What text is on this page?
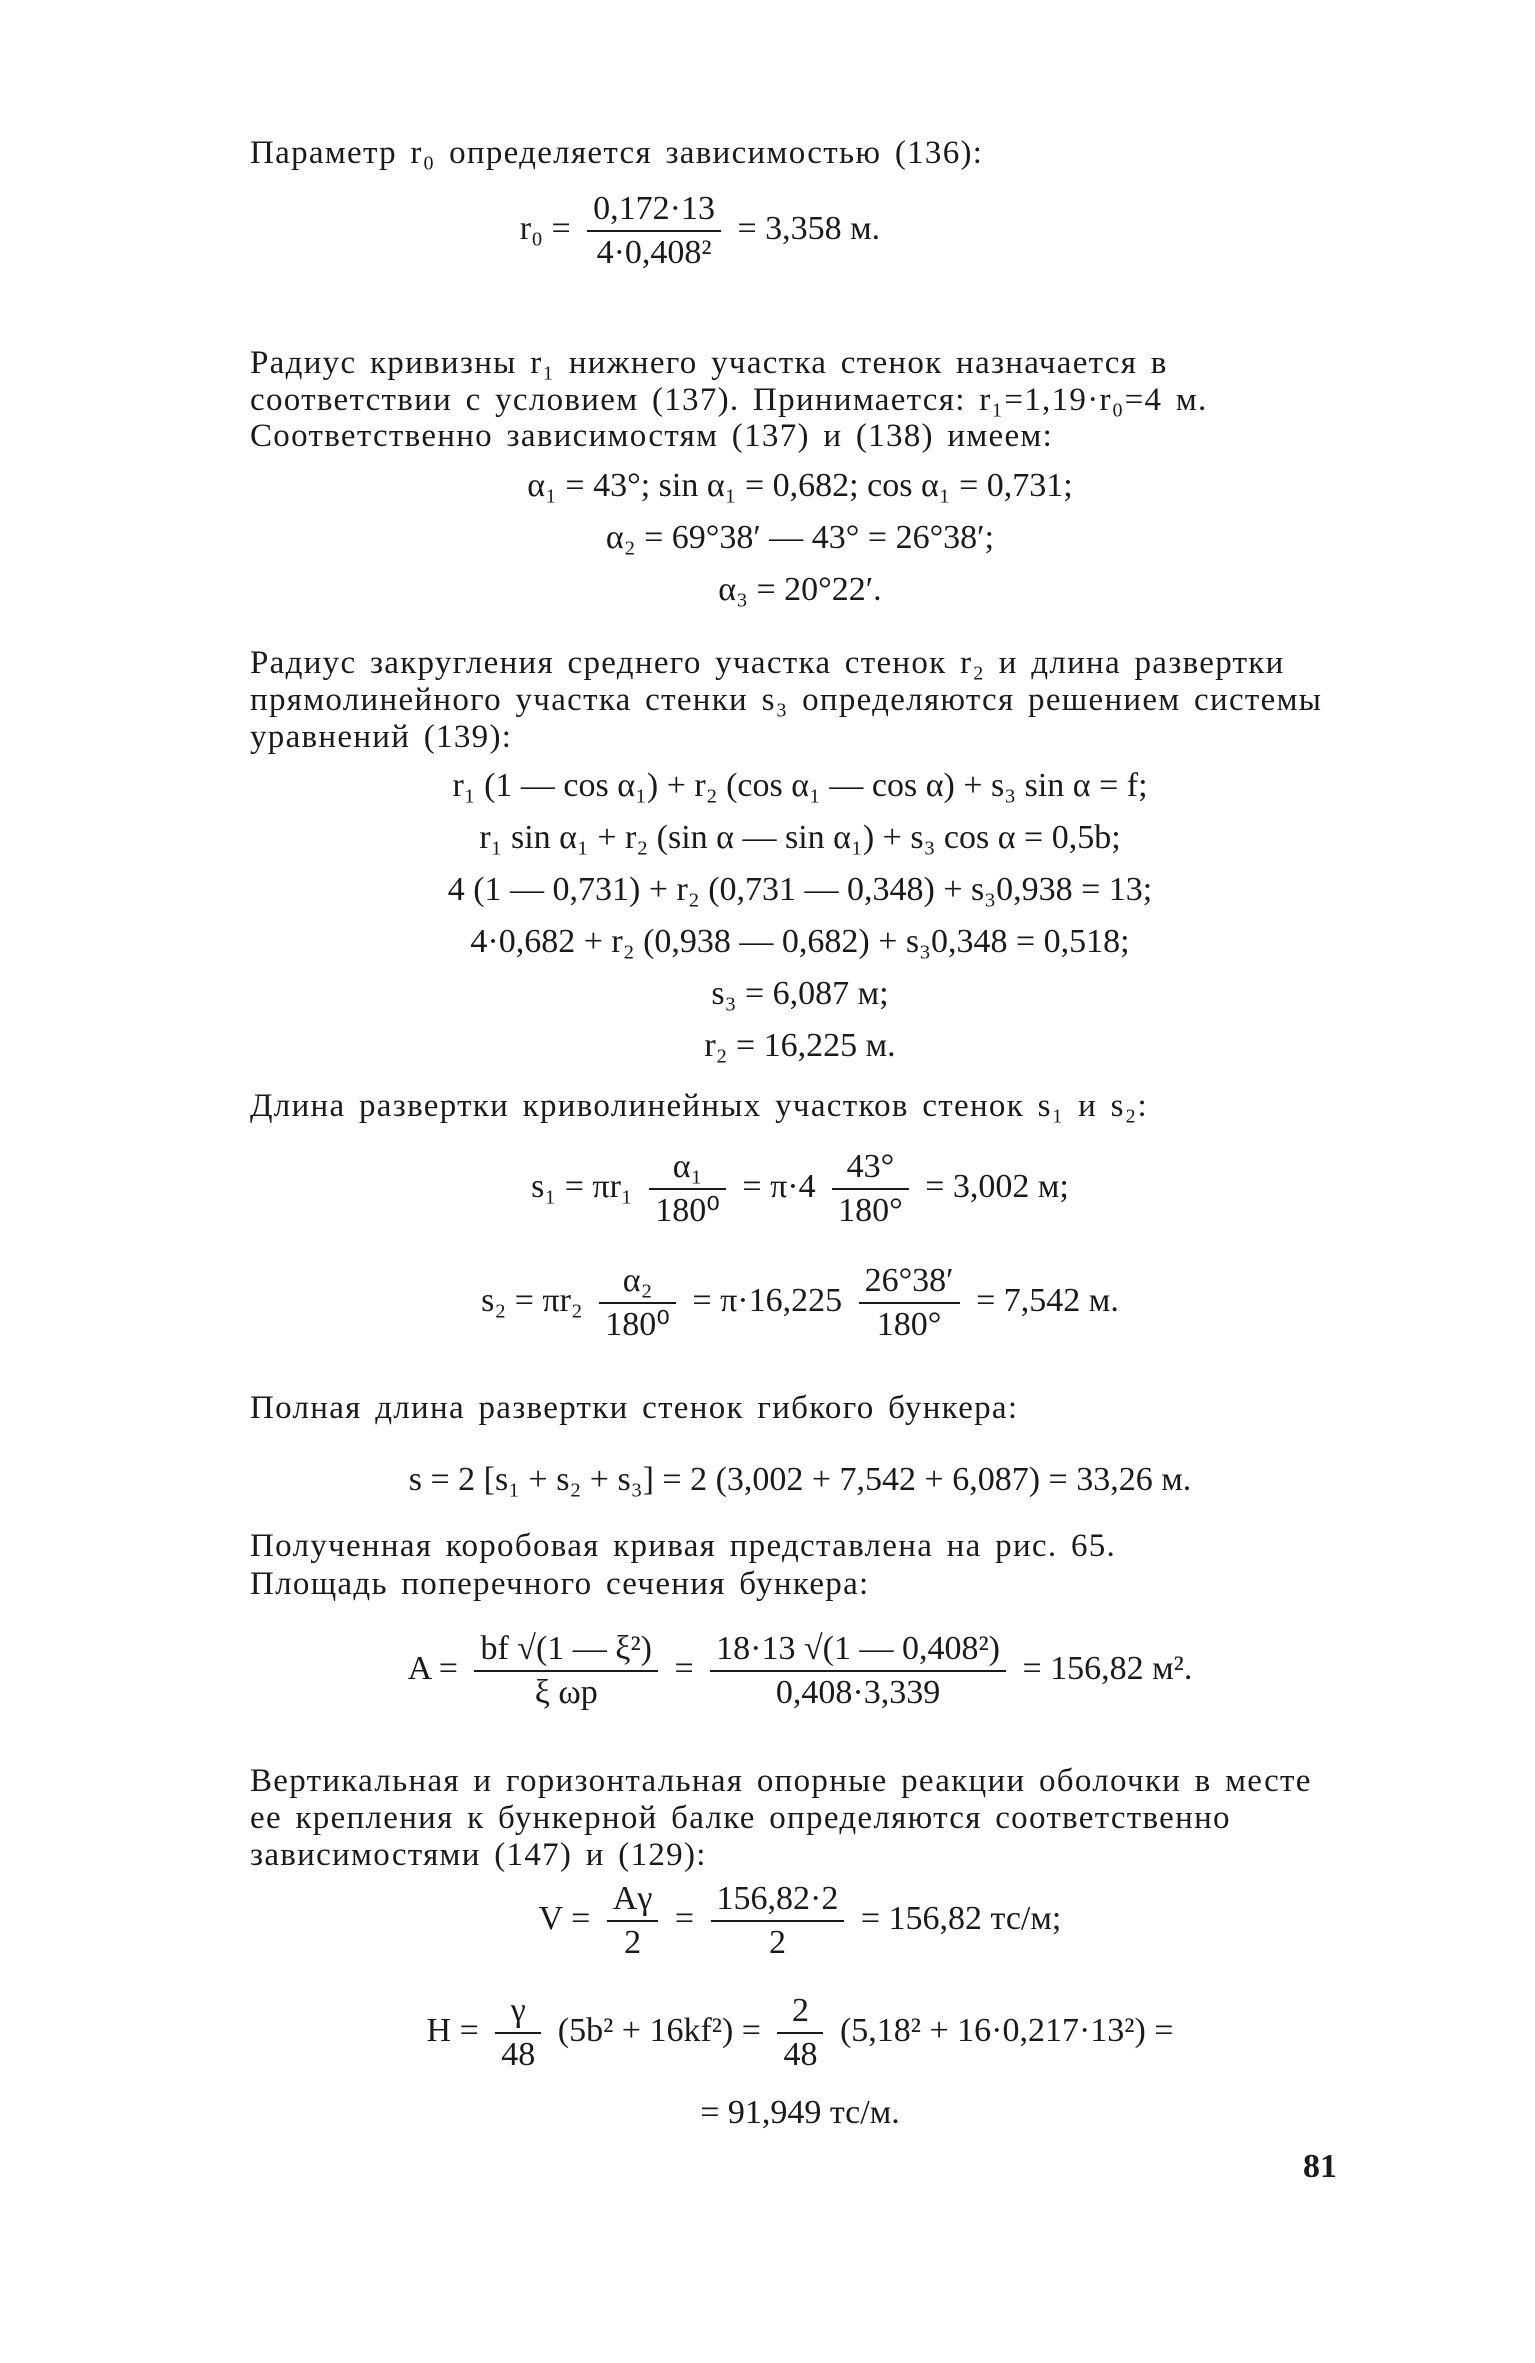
Параметр r₀ определяется зависимостью (136):
$r_0 = \frac{0,172\cdot 13}{\text{4·0,408²}} = 3,358$ м.
Радиус кривизны r₁ нижнего участка стенок назначается в соответствии с условием (137). Принимается: r₁=1,19·r₀=4 м.
Соответственно зависимостям (137) и (138) имеем:
α₁ = 43°; sin α₁ = 0,682; cos α₁ = 0,731;
α₂ = 69°38′ — 43° = 26°38′;
α₃ = 20°22′.
Радиус закругления среднего участка стенок r₂ и длина развертки прямолинейного участка стенки s₃ определяются решением системы уравнений (139):
r₁ (1 — cos α₁) + r₂ (cos α₁ — cos α) + s₃ sin α = f;
r₁ sin α₁ + r₂ (sin α — sin α₁) + s₃ cos α = 0,5b;
4 (1 — 0,731) + r₂ (0,731 — 0,348) + s₃0,938 = 13;
4·0,682 + r₂ (0,938 — 0,682) + s₃0,348 = 0,518;
s₃ = 6,087 м;
r₂ = 16,225 м.
Длина развертки криволинейных участков стенок s₁ и s₂:
$s_1 = \pi r_1 \frac{\text{α₁}}{\text{180⁰}} = \pi\cdot 4 \frac{43^\circ}{180^\circ} = 3,002$ м;
$s_2 = \pi r_2 \frac{\text{α₂}}{\text{180⁰}} = \pi\cdot 16,225 \frac{26^\circ 38'}{180^\circ} = 7,542$ м.
Полная длина развертки стенок гибкого бункера:
s = 2 [s₁ + s₂ + s₃] = 2 (3,002 + 7,542 + 6,087) = 33,26 м.
Полученная коробовая кривая представлена на рис. 65.
Площадь поперечного сечения бункера:
$A = \frac{\text{bf √(1 — ξ²)}}{\text{ξ ωp}} = \frac{\text{18·13 √(1 — 0,408²)}}{0,408\cdot 3,339} = 156,82$ м².
Вертикальная и горизонтальная опорные реакции оболочки в месте ее крепления к бункерной балке определяются соответственно зависимостями (147) и (129):
$V = \frac{A\gamma}{2} = \frac{156,82\cdot 2}{2} = 156,82$ тс/м;
$H = \frac{\gamma}{48} (5b^2 + 16kf^2) = \frac{2}{48} (5,18^2 + 16\cdot 0,217\cdot 13^2)$ =
= 91,949 тс/м.
81
